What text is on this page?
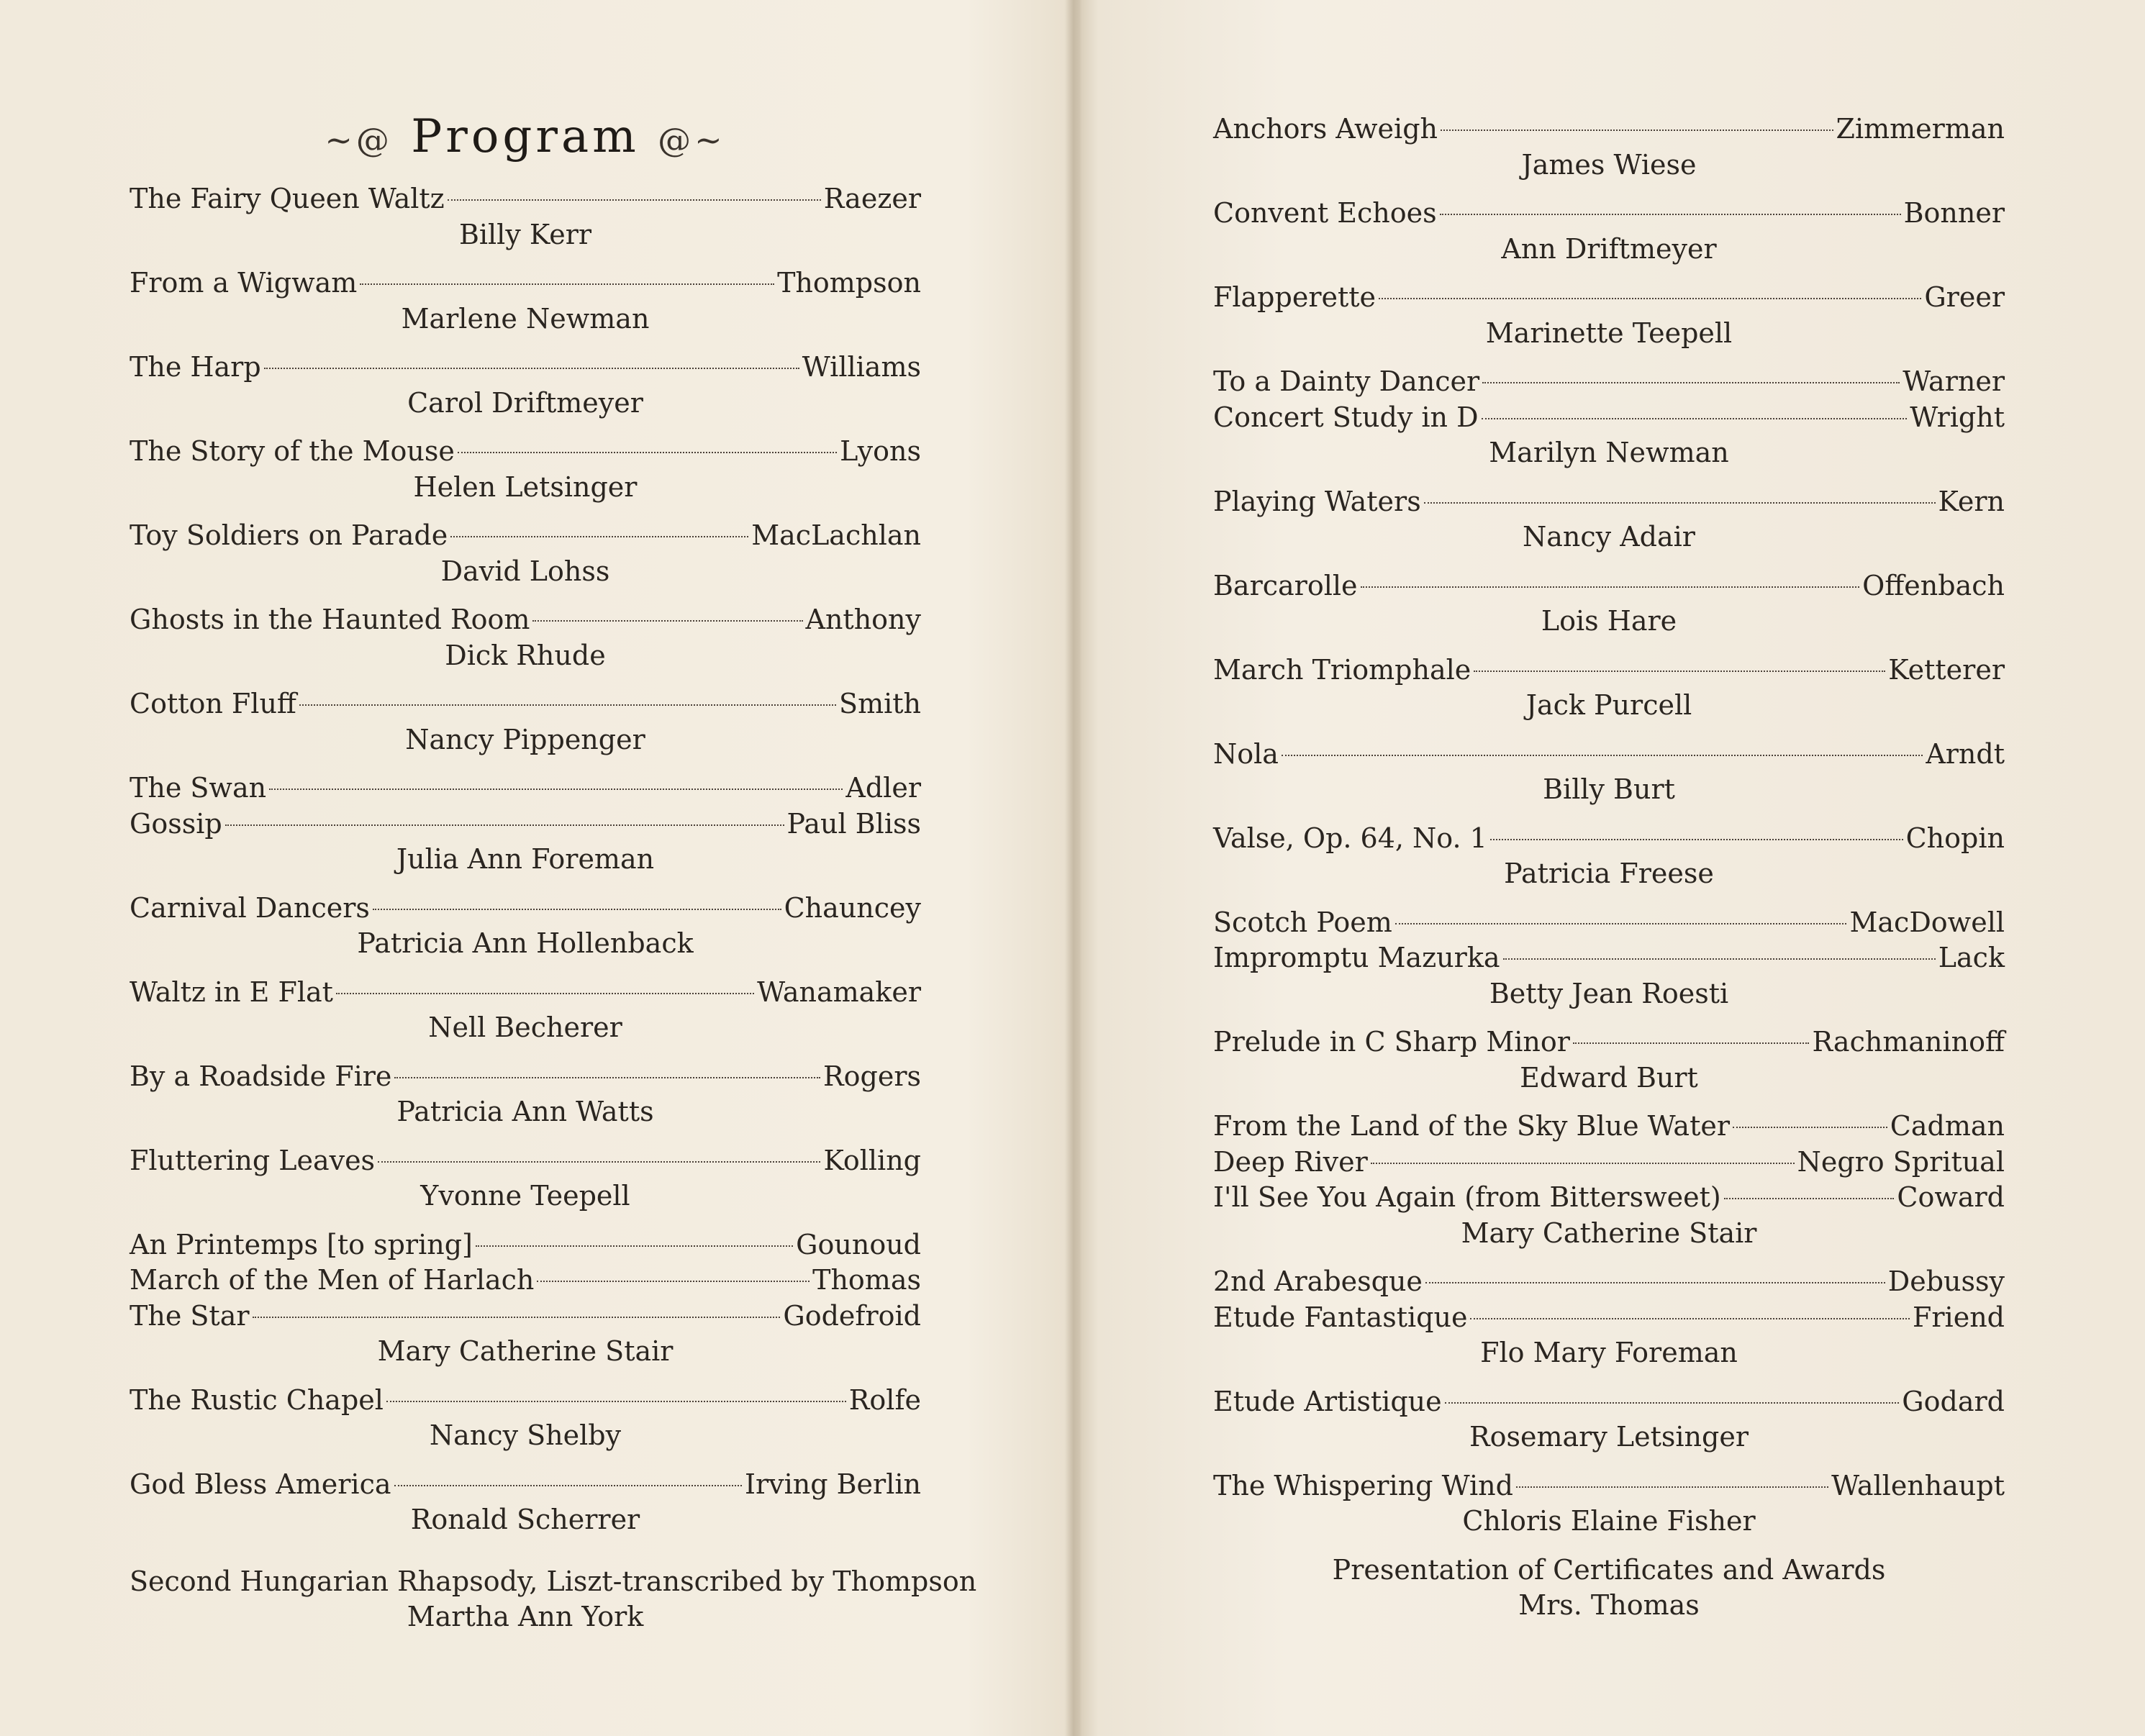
~@ Program @~
The Fairy Queen Waltz	Raezer
Billy Kerr
From a Wigwam	Thompson
Marlene Newman
The Harp	Williams
Carol Driftmeyer
The Story of the Mouse	Lyons
Helen Letsinger
Toy Soldiers on Parade	MacLachlan
David Lohss
Ghosts in the Haunted Room	Anthony
Dick Rhude
Cotton Fluff	Smith
Nancy Pippenger
The Swan	Adler
Gossip	Paul Bliss
Julia Ann Foreman
Carnival Dancers	Chauncey
Patricia Ann Hollenback
Waltz in E Flat	Wanamaker
Nell Becherer
By a Roadside Fire	Rogers
Patricia Ann Watts
Fluttering Leaves	Kolling
Yvonne Teepell
An Printemps [to spring]	Gounoud
March of the Men of Harlach	Thomas
The Star	Godefroid
Mary Catherine Stair
The Rustic Chapel	Rolfe
Nancy Shelby
God Bless America	Irving Berlin
Ronald Scherrer
Second Hungarian Rhapsody, Liszt-transcribed by Thompson
Martha Ann York
Anchors Aweigh	Zimmerman
James Wiese
Convent Echoes	Bonner
Ann Driftmeyer
Flapperette	Greer
Marinette Teepell
To a Dainty Dancer	Warner
Concert Study in D	Wright
Marilyn Newman
Playing Waters	Kern
Nancy Adair
Barcarolle	Offenbach
Lois Hare
March Triomphale	Ketterer
Jack Purcell
Nola	Arndt
Billy Burt
Valse, Op. 64, No. 1	Chopin
Patricia Freese
Scotch Poem	MacDowell
Impromptu Mazurka	Lack
Betty Jean Roesti
Prelude in C Sharp Minor	Rachmaninoff
Edward Burt
From the Land of the Sky Blue Water	Cadman
Deep River	Negro Spritual
I'll See You Again (from Bittersweet)	Coward
Mary Catherine Stair
2nd Arabesque	Debussy
Etude Fantastique	Friend
Flo Mary Foreman
Etude Artistique	Godard
Rosemary Letsinger
The Whispering Wind	Wallenhaupt
Chloris Elaine Fisher
Presentation of Certificates and Awards
Mrs. Thomas
